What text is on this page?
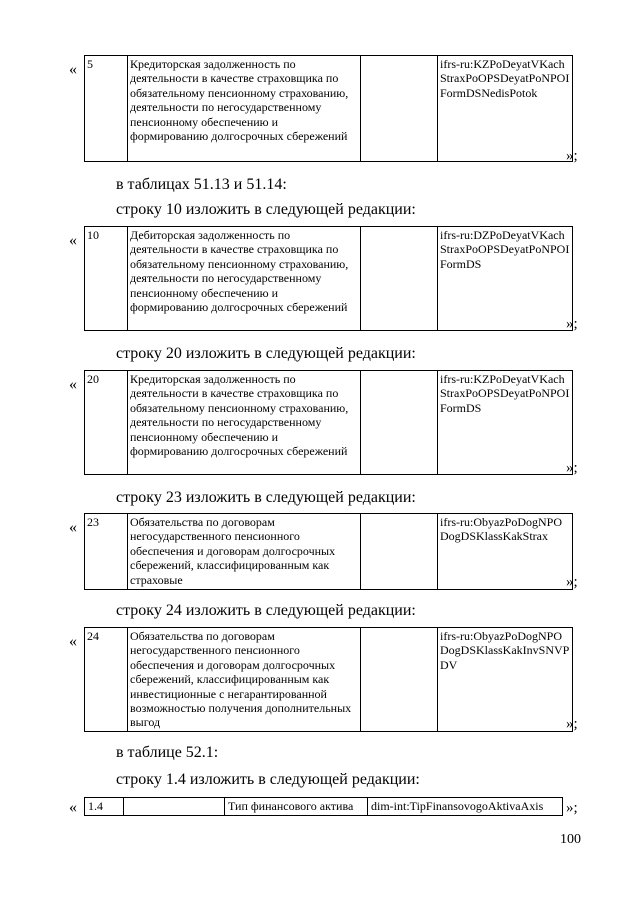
« 5	Кредиторская задолженность по деятельности в качестве страховщика по обязательному пенсионному страхованию, деятельности по негосударственному пенсионному обеспечению и формированию долгосрочных сбережений		ifrs-ru:KZPoDeyatVKachStraxPoOPSDeyatPoNPOIFormDSNedisPotok
»;
в таблицах 51.13 и 51.14:
строку 10 изложить в следующей редакции:
« 10	Дебиторская задолженность по деятельности в качестве страховщика по обязательному пенсионному страхованию, деятельности по негосударственному пенсионному обеспечению и формированию долгосрочных сбережений		ifrs-ru:DZPoDeyatVKachStraxPoOPSDeyatPoNPOIFormDS
»;
строку 20 изложить в следующей редакции:
« 20	Кредиторская задолженность по деятельности в качестве страховщика по обязательному пенсионному страхованию, деятельности по негосударственному пенсионному обеспечению и формированию долгосрочных сбережений		ifrs-ru:KZPoDeyatVKachStraxPoOPSDeyatPoNPOIFormDS
»;
строку 23 изложить в следующей редакции:
« 23	Обязательства по договорам негосударственного пенсионного обеспечения и договорам долгосрочных сбережений, классифицированным как страховые		ifrs-ru:ObyazPoDogNPODogDSKlassKakStrax
»;
строку 24 изложить в следующей редакции:
« 24	Обязательства по договорам негосударственного пенсионного обеспечения и договорам долгосрочных сбережений, классифицированным как инвестиционные с негарантированной возможностью получения дополнительных выгод		ifrs-ru:ObyazPoDogNPODogDSKlassKakInvSNVPDV
»;
в таблице 52.1:
строку 1.4 изложить в следующей редакции:
« 1.4		Тип финансового актива	dim-int:TipFinansovogoAktivaAxis »;
100
